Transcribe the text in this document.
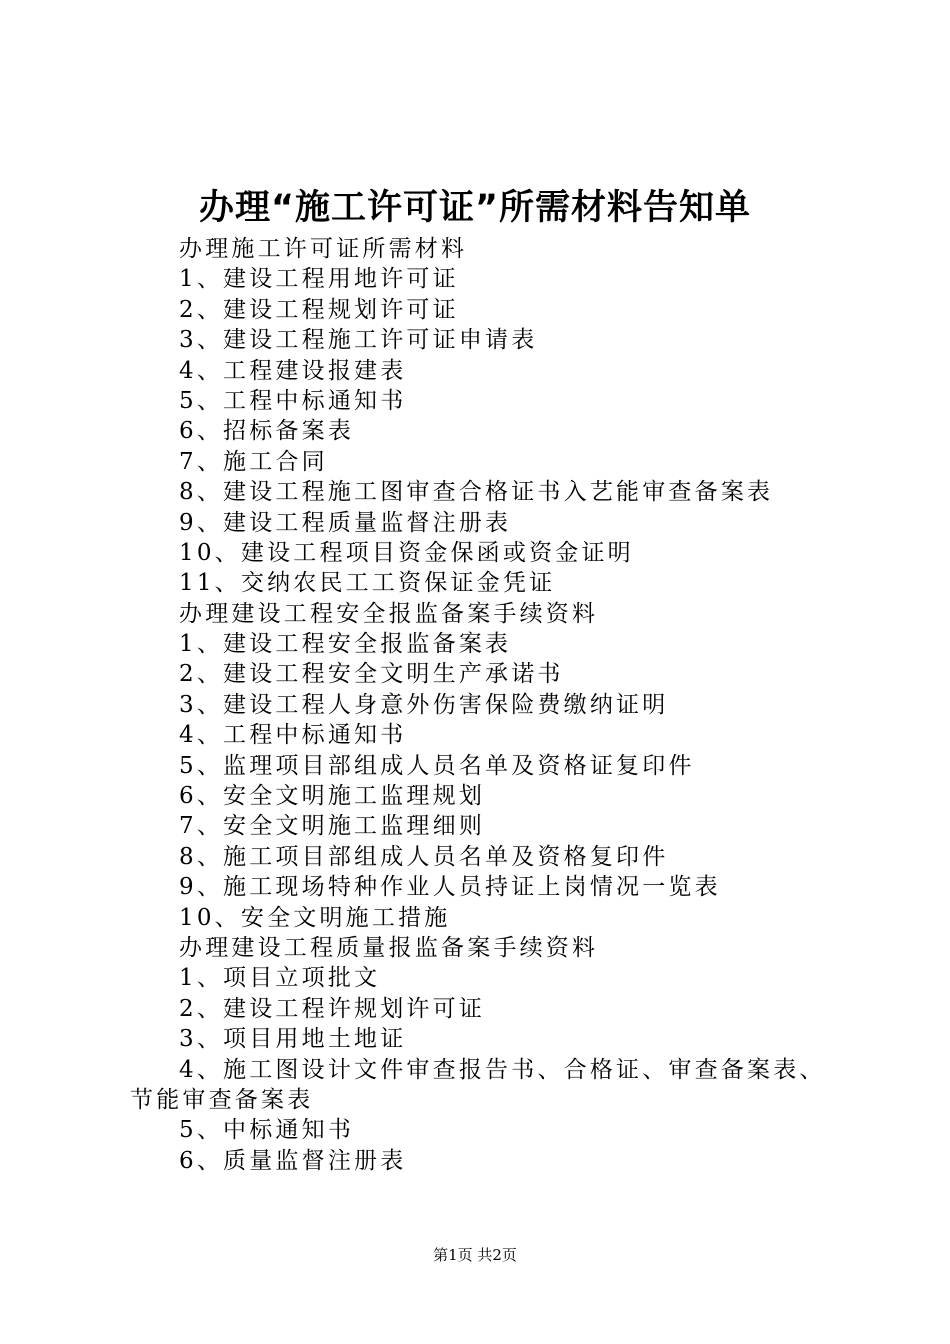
办理“施工许可证”所需材料告知单
办理施工许可证所需材料
1、建设工程用地许可证
2、建设工程规划许可证
3、建设工程施工许可证申请表
4、工程建设报建表
5、工程中标通知书
6、招标备案表
7、施工合同
8、建设工程施工图审查合格证书入艺能审查备案表
9、建设工程质量监督注册表
10、建设工程项目资金保函或资金证明
11、交纳农民工工资保证金凭证
办理建设工程安全报监备案手续资料
1、建设工程安全报监备案表
2、建设工程安全文明生产承诺书
3、建设工程人身意外伤害保险费缴纳证明
4、工程中标通知书
5、监理项目部组成人员名单及资格证复印件
6、安全文明施工监理规划
7、安全文明施工监理细则
8、施工项目部组成人员名单及资格复印件
9、施工现场特种作业人员持证上岗情况一览表
10、安全文明施工措施
办理建设工程质量报监备案手续资料
1、项目立项批文
2、建设工程许规划许可证
3、项目用地土地证
4、施工图设计文件审查报告书、合格证、审查备案表、节能审查备案表
5、中标通知书
6、质量监督注册表
第1页 共2页
